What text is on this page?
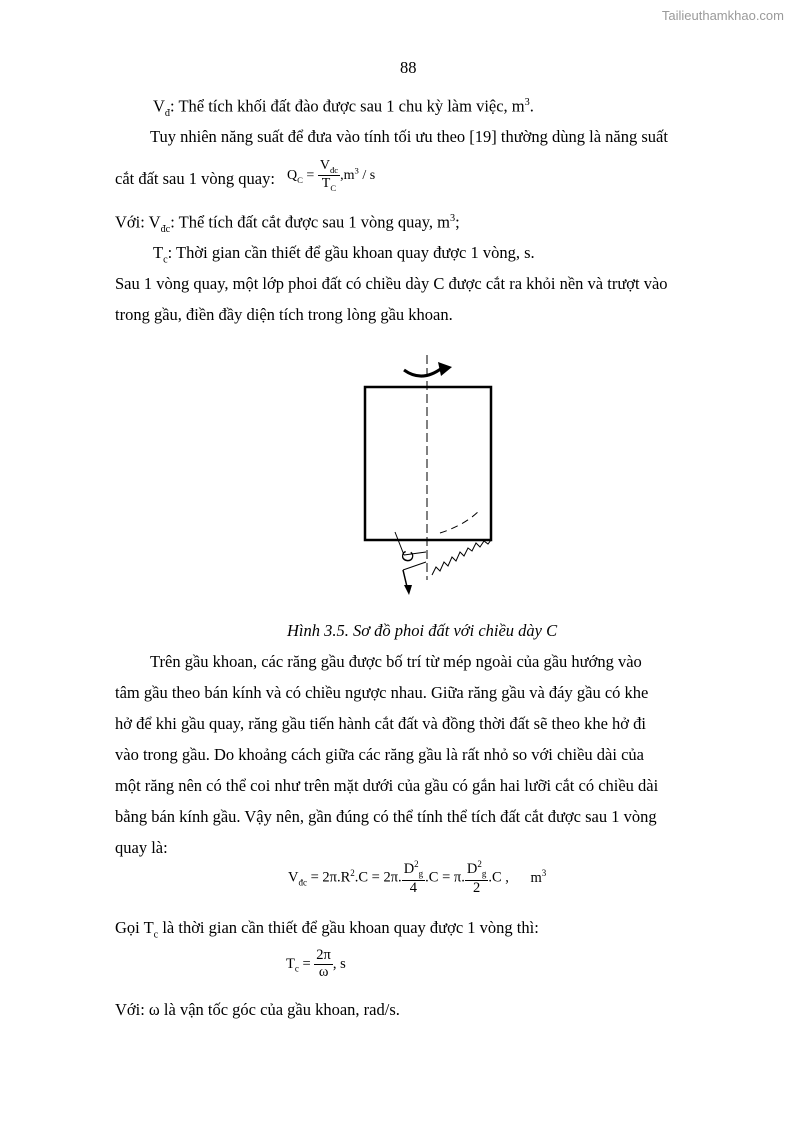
Tailieuthamkhao.com
88
$V_đ$: Thể tích khối đất đào được sau 1 chu kỳ làm việc, $m^3$.
Tuy nhiên năng suất để đưa vào tính tối ưu theo [19] thường dùng là năng suất
cắt đất sau 1 vòng quay: $Q_C = \frac{V_{đc}}{T_C} ,m^3 / s$
Với: $V_{đc}$: Thể tích đất cắt được sau 1 vòng quay, $m^3$;
$T_c$: Thời gian cần thiết để gầu khoan quay được 1 vòng, s.
Sau 1 vòng quay, một lớp phoi đất có chiều dày C được cắt ra khỏi nền và trượt vào
trong gầu, điền đầy diện tích trong lòng gầu khoan.
C
Hình 3.5. Sơ đồ phoi đất với chiều dày C
Trên gầu khoan, các răng gầu được bố trí từ mép ngoài của gầu hướng vào
tâm gầu theo bán kính và có chiều ngược nhau. Giữa răng gầu và đáy gầu có khe
hở để khi gầu quay, răng gầu tiến hành cắt đất và đồng thời đất sẽ theo khe hở đi
vào trong gầu. Do khoảng cách giữa các răng gầu là rất nhỏ so với chiều dài của
một răng nên có thể coi như trên mặt dưới của gầu có gắn hai lưỡi cắt có chiều dài
bằng bán kính gầu. Vậy nên, gần đúng có thể tính thể tích đất cắt được sau 1 vòng
quay là:
$V_{đc} = 2\pi.R^2.C = 2\pi$. $\frac{D^2_g}{4} .C = \pi$. $\frac{D^2_g}{2} .C$ , $m^3$
Gọi $T_c$ là thời gian cần thiết để gầu khoan quay được 1 vòng thì:
$T_c = \frac{2\pi}{\omega}$ , s
Với: ω là vận tốc góc của gầu khoan, rad/s.
